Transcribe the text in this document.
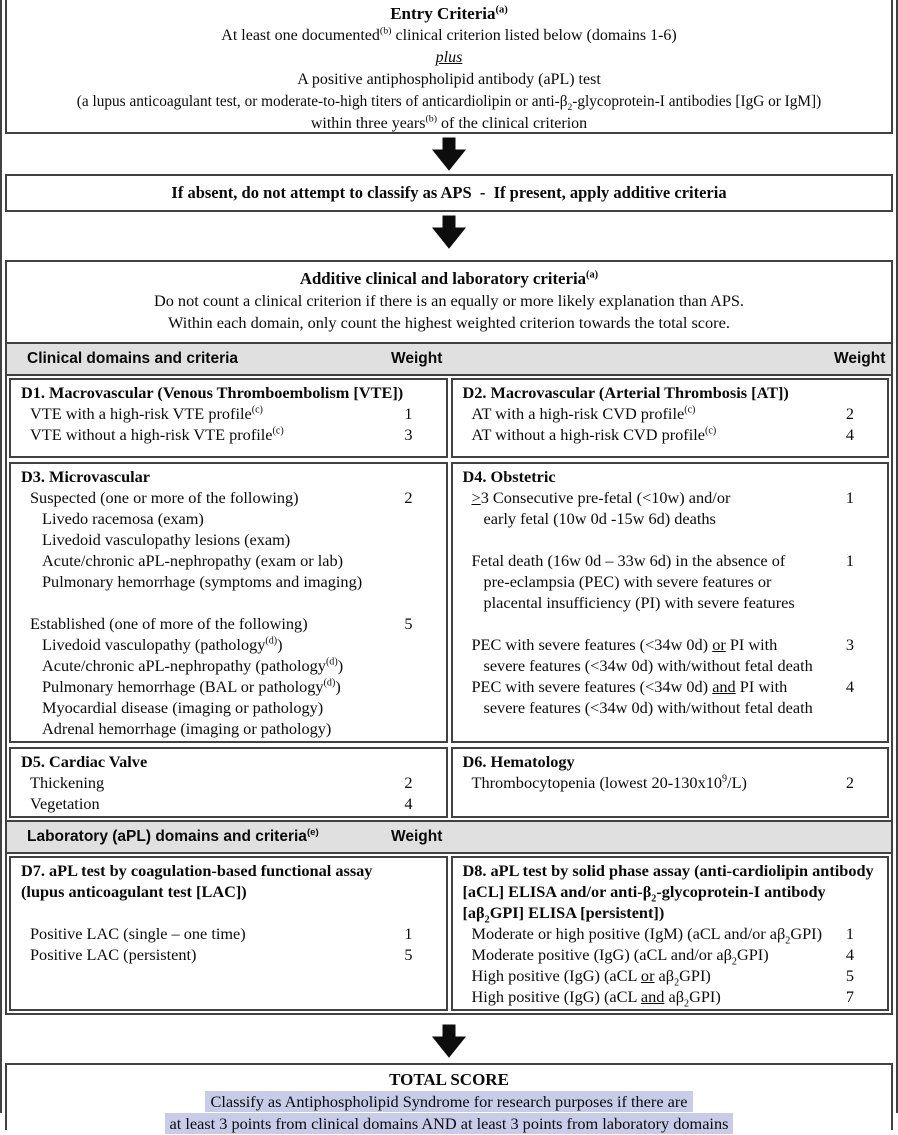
Entry Criteria$^{(a)}$
At least one documented$^{(b)}$ clinical criterion listed below (domains 1-6)
plus
A positive antiphospholipid antibody (aPL) test
(a lupus anticoagulant test, or moderate-to-high titers of anticardiolipin or anti-$\beta_2-glycoprotein-I$ antibodies [IgG or IgM])
within three years$^{(b)}$ of the clinical criterion
If absent, do not attempt to classify as APS  -  If present, apply additive criteria
Additive clinical and laboratory criteria$^{(a)}$
Do not count a clinical criterion if there is an equally or more likely explanation than APS.
Within each domain, only count the highest weighted criterion towards the total score.
Clinical domains and criteria	Weight	Weight
D1. Macrovascular (Venous Thromboembolism [VTE])
VTE with a high-risk VTE profile$^{(c)}$	1
VTE without a high-risk VTE profile$^{(c)}$	3
D2. Macrovascular (Arterial Thrombosis [AT])
AT with a high-risk CVD profile$^{(c)}$	2
AT without a high-risk CVD profile$^{(c)}$	4
D3. Microvascular
Suspected (one or more of the following)	2
Livedo racemosa (exam)
Livedoid vasculopathy lesions (exam)
Acute/chronic aPL-nephropathy (exam or lab)
Pulmonary hemorrhage (symptoms and imaging)

Established (one of more of the following)	5
Livedoid vasculopathy (pathology$^{(d)}$)
Acute/chronic aPL-nephropathy (pathology$^{(d)}$)
Pulmonary hemorrhage (BAL or pathology$^{(d)}$)
Myocardial disease (imaging or pathology)
Adrenal hemorrhage (imaging or pathology)
D4. Obstetric
>3 Consecutive pre-fetal (<10w) and/or	1
early fetal (10w 0d -15w 6d) deaths

Fetal death (16w 0d – 33w 6d) in the absence of	1
pre-eclampsia (PEC) with severe features or
placental insufficiency (PI) with severe features

PEC with severe features (<34w 0d) or PI with	3
severe features (<34w 0d) with/without fetal death
PEC with severe features (<34w 0d) and PI with	4
severe features (<34w 0d) with/without fetal death
D5. Cardiac Valve
Thickening	2
Vegetation	4
D6. Hematology
Thrombocytopenia (lowest $20-130x10^9/L$)	2
Laboratory (aPL) domains and criteria$^{(e)}$	Weight
D7. aPL test by coagulation-based functional assay
(lupus anticoagulant test [LAC])

Positive LAC (single – one time)	1
Positive LAC (persistent)	5
D8. aPL test by solid phase assay (anti-cardiolipin antibody
[aCL] ELISA and/or anti-$\beta_2-glycoprotein-I$ antibody
$[a\beta_2GPI]$ ELISA [persistent])
Moderate or high positive (IgM) (aCL and/or $a\beta_2GPI$)	1
Moderate positive (IgG) (aCL and/or $a\beta_2GPI$)	4
High positive (IgG) (aCL or $a\beta_2GPI$)	5
High positive (IgG) (aCL and $a\beta_2GPI$)	7
TOTAL SCORE
Classify as Antiphospholipid Syndrome for research purposes if there are
at least 3 points from clinical domains AND at least 3 points from laboratory domains
